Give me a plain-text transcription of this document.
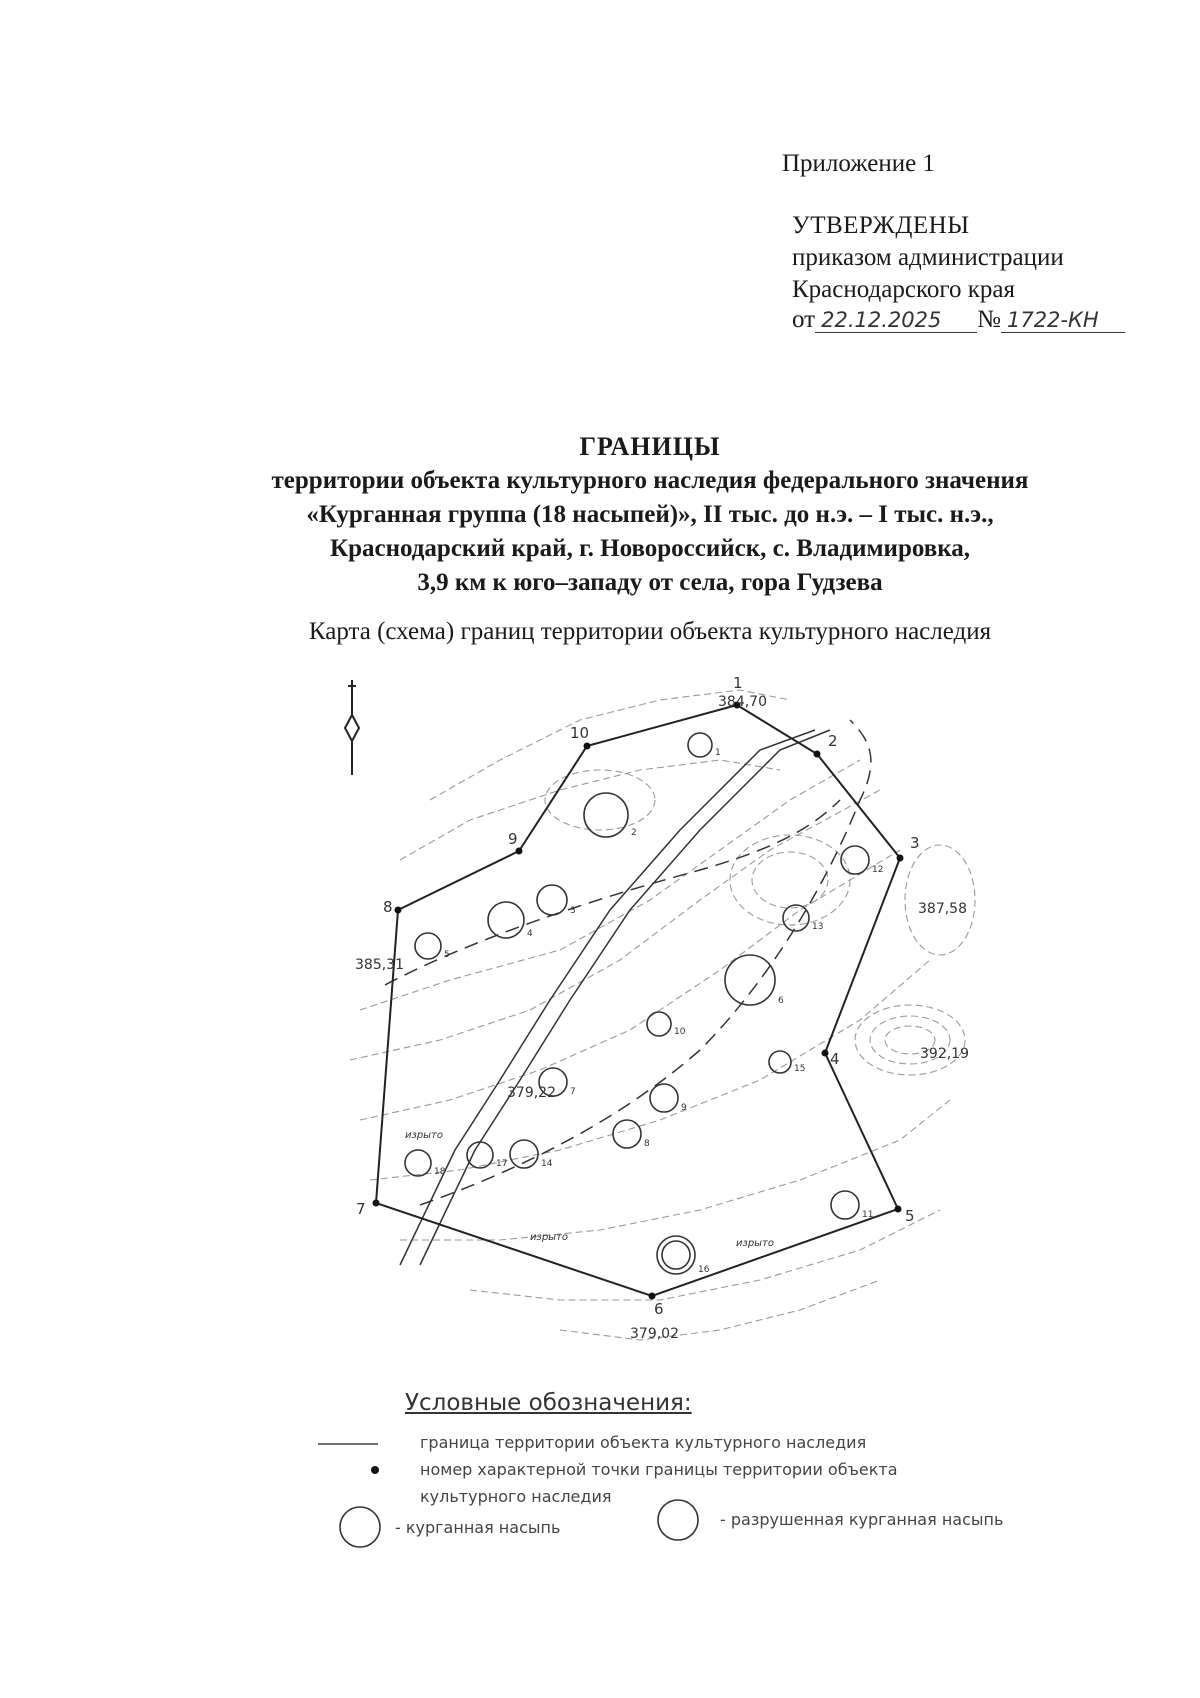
Приложение 1
УТВЕРЖДЕНЫ
приказом администрации
Краснодарского края
от 22.12.2025 № 1722-КН
ГРАНИЦЫ
территории объекта культурного наследия федерального значения
«Курганная группа (18 насыпей)», II тыс. до н.э. – I тыс. н.э.,
Краснодарский край, г. Новороссийск, с. Владимировка,
3,9 км к юго–западу от села, гора Гудзева
Карта (схема) границ территории объекта культурного наследия
1
2
3
4
5
6
7
8
9
10
384,70
387,58
392,19
379,02
379,22
385,31
1
2
3
4
5
6
7
8
9
10
11
12
13
14
15
16
17
18
изрыто
изрыто
изрыто
Условные обозначения:
граница территории объекта культурного наследия
номер характерной точки границы территории объекта
культурного наследия
- курганная насыпь	- разрушенная курганная насыпь
